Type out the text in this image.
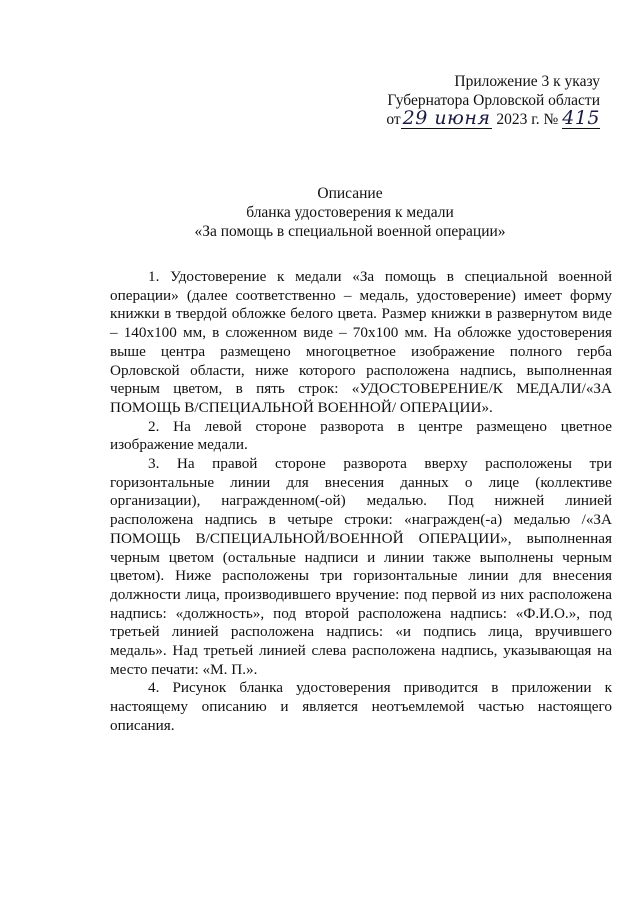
Приложение 3 к указу
Губернатора Орловской области
от 29 июня 2023 г. № 415
Описание
бланка удостоверения к медали
«За помощь в специальной военной операции»

1. Удостоверение к медали «За помощь в специальной военной операции» (далее соответственно – медаль, удостоверение) имеет форму книжки в твердой обложке белого цвета. Размер книжки в развернутом виде – 140х100 мм, в сложенном виде – 70х100 мм. На обложке удостоверения выше центра размещено многоцветное изображение полного герба Орловской области, ниже которого расположена надпись, выполненная черным цветом, в пять строк: «УДОСТОВЕРЕНИЕ/К МЕДАЛИ/«ЗА ПОМОЩЬ В/СПЕЦИАЛЬНОЙ ВОЕННОЙ/ ОПЕРАЦИИ».

2. На левой стороне разворота в центре размещено цветное изображение медали.

3. На правой стороне разворота вверху расположены три горизонтальные линии для внесения данных о лице (коллективе организации), награжденном(-ой) медалью. Под нижней линией расположена надпись в четыре строки: «награжден(-а) медалью /«ЗА ПОМОЩЬ В/СПЕЦИАЛЬНОЙ/ВОЕННОЙ ОПЕРАЦИИ», выполненная черным цветом (остальные надписи и линии также выполнены черным цветом). Ниже расположены три горизонтальные линии для внесения должности лица, производившего вручение: под первой из них расположена надпись: «должность», под второй расположена надпись: «Ф.И.О.», под третьей линией расположена надпись: «и подпись лица, вручившего медаль». Над третьей линией слева расположена надпись, указывающая на место печати: «М. П.».

4. Рисунок бланка удостоверения приводится в приложении к настоящему описанию и является неотъемлемой частью настоящего описания.
